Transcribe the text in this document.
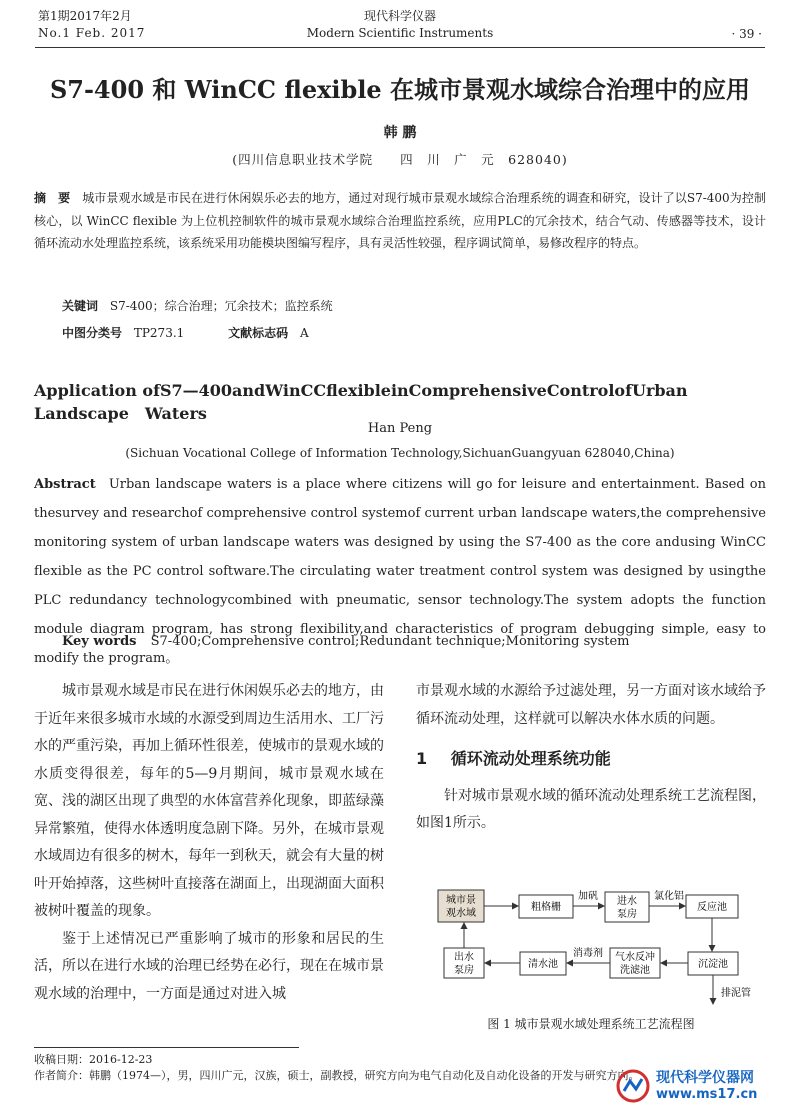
第1期2017年2月
No.1 Feb. 2017
现代科学仪器
Modern Scientific Instruments	· 39 ·
S7-400 和 WinCC flexible 在城市景观水域综合治理中的应用
韩 鹏
(四川信息职业技术学院　　四　川　广　元　628040)
摘　要 城市景观水域是市民在进行休闲娱乐必去的地方，通过对现行城市景观水域综合治理系统的调查和研究，设计了以S7-400为控制核心，以 WinCC flexible 为上位机控制软件的城市景观水域综合治理监控系统，应用PLC的冗余技术，结合气动、传感器等技术，设计循环流动水处理监控系统，该系统采用功能模块图编写程序，具有灵活性较强，程序调试简单，易修改程序的特点。
关键词 S7-400；综合治理；冗余技术；监控系统
中图分类号 TP273.1	文献标志码 A
Application ofS7—400andWinCCflexibleinComprehensiveControlofUrban　Landscape　Waters
Han Peng
(Sichuan Vocational College of Information Technology,SichuanGuangyuan 628040,China)
Abstract Urban landscape waters is a place where citizens will go for leisure and entertainment. Based on thesurvey and researchof comprehensive control systemof current urban landscape waters,the comprehensive monitoring system of urban landscape waters was designed by using the S7-400 as the core andusing WinCC flexible as the PC control software.The circulating water treatment control system was designed by usingthe PLC redundancy technologycombined with pneumatic, sensor technology.The system adopts the function module diagram program, has strong flexibility,and characteristics of program debugging simple, easy to modify the program。
Key words S7-400;Comprehensive control;Redundant technique;Monitoring system

城市景观水域是市民在进行休闲娱乐必去的地方，由于近年来很多城市水域的水源受到周边生活用水、工厂污水的严重污染，再加上循环性很差，使城市的景观水域的水质变得很差，每年的5—9月期间，城市景观水域在宽、浅的湖区出现了典型的水体富营养化现象，即蓝绿藻异常繁殖，使得水体透明度急剧下降。另外，在城市景观水域周边有很多的树木，每年一到秋天，就会有大量的树叶开始掉落，这些树叶直接落在湖面上，出现湖面大面积被树叶覆盖的现象。

鉴于上述情况已严重影响了城市的形象和居民的生活，所以在进行水域的治理已经势在必行，现在在城市景观水域的治理中，一方面是通过对进入城

市景观水域的水源给予过滤处理，另一方面对该水域给予循环流动处理，这样就可以解决水体水质的问题。

1 循环流动处理系统功能

针对城市景观水域的循环流动处理系统工艺流程图，如图1所示。

城市景
观水域
粗格栅
进水
泵房
反应池
出水
泵房
清水池
气水反冲
洗滤池
沉淀池
加矾	氯化铝
消毒剂
排泥管
图 1 城市景观水域处理系统工艺流程图
收稿日期：2016-12-23
作者简介：韩鹏（1974—），男，四川广元，汉族，硕士，副教授，研究方向为电气自动化及自动化设备的开发与研究方向。 现代科学仪器网
www.ms17.cn
